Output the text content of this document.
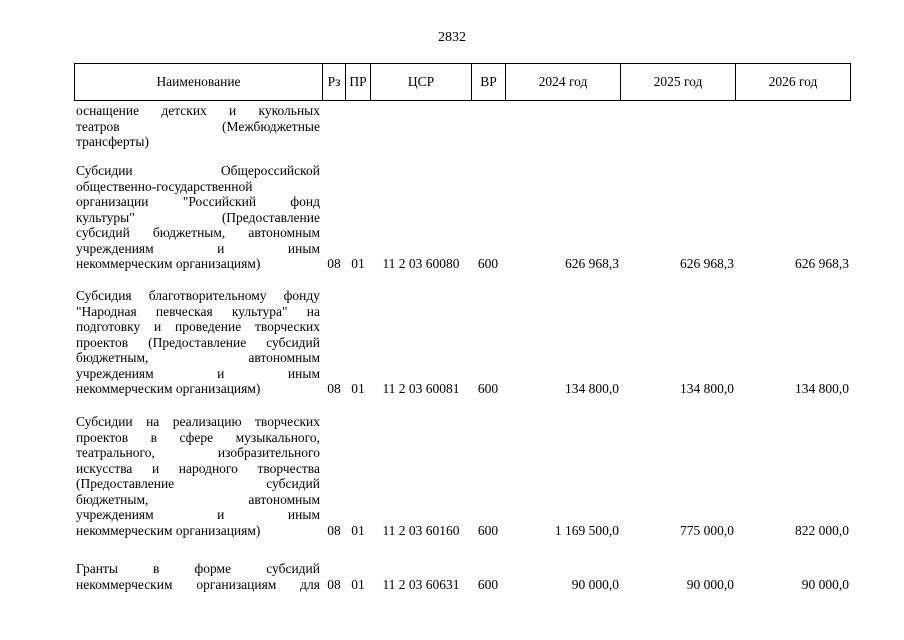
2832
Наименование	Рз ПР	ЦСР	ВР	2024 год	2025 год	2026 год
оснащение детских и кукольных
театров (Межбюджетные
трансферты)
Субсидии Общероссийской
общественно-государственной
организации "Российский фонд
культуры" (Предоставление
субсидий бюджетным, автономным
учреждениям и иным
некоммерческим организациям)	08 01	11 2 03 60080	600	626 968,3	626 968,3	626 968,3
Субсидия благотворительному фонду
"Народная певческая культура" на
подготовку и проведение творческих
проектов (Предоставление субсидий
бюджетным, автономным
учреждениям и иным
некоммерческим организациям)	08 01	11 2 03 60081	600	134 800,0	134 800,0	134 800,0
Субсидии на реализацию творческих
проектов в сфере музыкального,
театрального, изобразительного
искусства и народного творчества
(Предоставление субсидий
бюджетным, автономным
учреждениям и иным
некоммерческим организациям)	08 01	11 2 03 60160	600	1 169 500,0	775 000,0	822 000,0
Гранты в форме субсидий
некоммерческим организациям для 08 01	11 2 03 60631	600	90 000,0	90 000,0	90 000,0
